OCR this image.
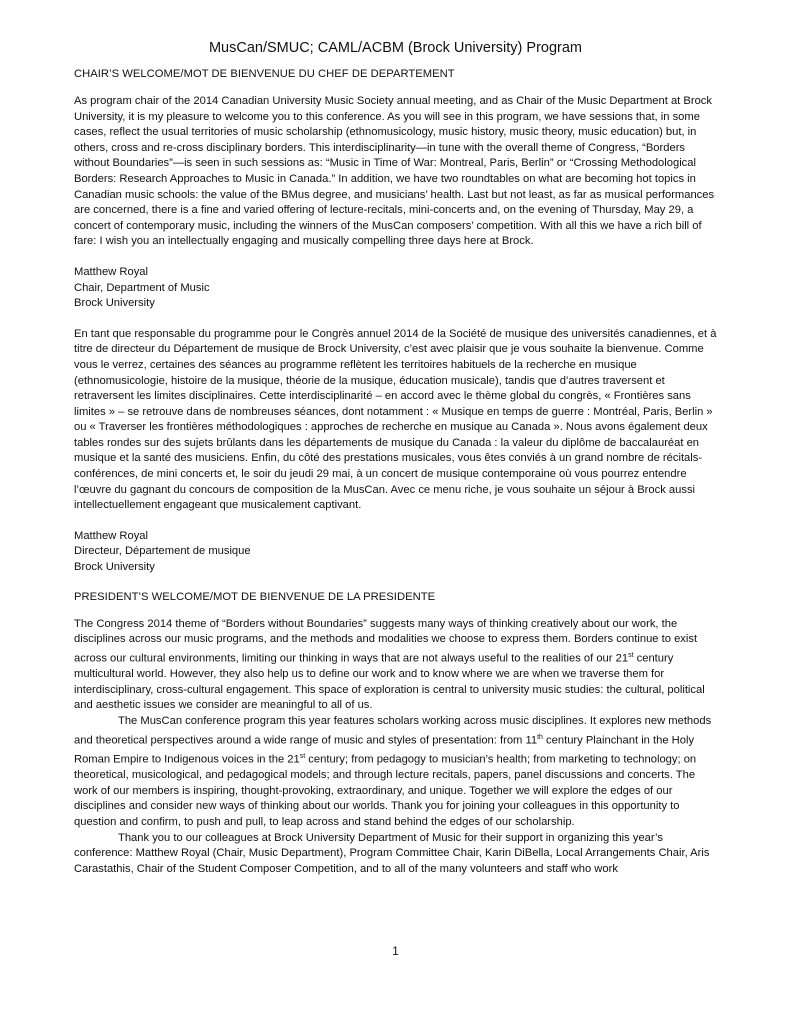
MusCan/SMUC; CAML/ACBM (Brock University) Program
CHAIR’S WELCOME/MOT DE BIENVENUE DU CHEF DE DEPARTEMENT

As program chair of the 2014 Canadian University Music Society annual meeting, and as Chair of the Music Department at Brock University, it is my pleasure to welcome you to this conference. As you will see in this program, we have sessions that, in some cases, reflect the usual territories of music scholarship (ethnomusicology, music history, music theory, music education) but, in others, cross and re-cross disciplinary borders. This interdisciplinarity—in tune with the overall theme of Congress, “Borders without Boundaries”—is seen in such sessions as: “Music in Time of War: Montreal, Paris, Berlin” or “Crossing Methodological Borders: Research Approaches to Music in Canada.” In addition, we have two roundtables on what are becoming hot topics in Canadian music schools: the value of the BMus degree, and musicians’ health. Last but not least, as far as musical performances are concerned, there is a fine and varied offering of lecture-recitals, mini-concerts and, on the evening of Thursday, May 29, a concert of contemporary music, including the winners of the MusCan composers’ competition. With all this we have a rich bill of fare: I wish you an intellectually engaging and musically compelling three days here at Brock.

Matthew Royal
Chair, Department of Music
Brock University

En tant que responsable du programme pour le Congrès annuel 2014 de la Société de musique des universités canadiennes, et à titre de directeur du Département de musique de Brock University, c’est avec plaisir que je vous souhaite la bienvenue. Comme vous le verrez, certaines des séances au programme reflètent les territoires habituels de la recherche en musique (ethnomusicologie, histoire de la musique, théorie de la musique, éducation musicale), tandis que d’autres traversent et retraversent les limites disciplinaires. Cette interdisciplinarité – en accord avec le thème global du congrès, « Frontières sans limites » – se retrouve dans de nombreuses séances, dont notamment : « Musique en temps de guerre : Montréal, Paris, Berlin » ou « Traverser les frontières méthodologiques : approches de recherche en musique au Canada ». Nous avons également deux tables rondes sur des sujets brûlants dans les départements de musique du Canada : la valeur du diplôme de baccalauréat en musique et la santé des musiciens. Enfin, du côté des prestations musicales, vous êtes conviés à un grand nombre de récitals-conférences, de mini concerts et, le soir du jeudi 29 mai, à un concert de musique contemporaine où vous pourrez entendre l’œuvre du gagnant du concours de composition de la MusCan. Avec ce menu riche, je vous souhaite un séjour à Brock aussi intellectuellement engageant que musicalement captivant.

Matthew Royal
Directeur, Département de musique
Brock University
PRESIDENT’S WELCOME/MOT DE BIENVENUE DE LA PRESIDENTE

The Congress 2014 theme of “Borders without Boundaries” suggests many ways of thinking creatively about our work, the disciplines across our music programs, and the methods and modalities we choose to express them. Borders continue to exist across our cultural environments, limiting our thinking in ways that are not always useful to the realities of our 21st century multicultural world. However, they also help us to define our work and to know where we are when we traverse them for interdisciplinary, cross-cultural engagement. This space of exploration is central to university music studies: the cultural, political and aesthetic issues we consider are meaningful to all of us.

The MusCan conference program this year features scholars working across music disciplines. It explores new methods and theoretical perspectives around a wide range of music and styles of presentation: from 11th century Plainchant in the Holy Roman Empire to Indigenous voices in the 21st century; from pedagogy to musician’s health; from marketing to technology; on theoretical, musicological, and pedagogical models; and through lecture recitals, papers, panel discussions and concerts. The work of our members is inspiring, thought-provoking, extraordinary, and unique. Together we will explore the edges of our disciplines and consider new ways of thinking about our worlds. Thank you for joining your colleagues in this opportunity to question and confirm, to push and pull, to leap across and stand behind the edges of our scholarship.

Thank you to our colleagues at Brock University Department of Music for their support in organizing this year’s conference: Matthew Royal (Chair, Music Department), Program Committee Chair, Karin DiBella, Local Arrangements Chair, Aris Carastathis, Chair of the Student Composer Competition, and to all of the many volunteers and staff who work

1
